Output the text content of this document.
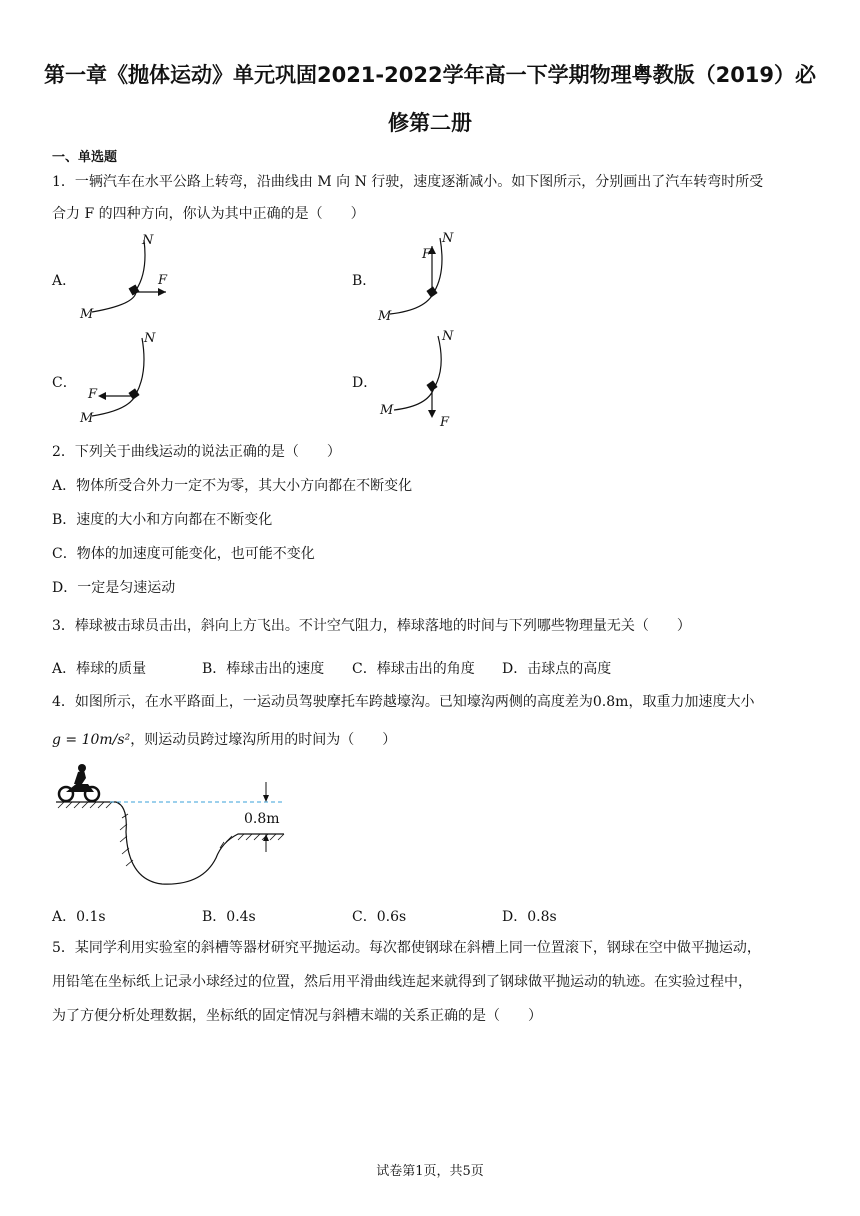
第一章《抛体运动》单元巩固2021-2022学年高一下学期物理粤教版（2019）必
修第二册
一、单选题
1．一辆汽车在水平公路上转弯，沿曲线由 M 向 N 行驶，速度逐渐减小。如下图所示，分别画出了汽车转弯时所受
合力 F 的四种方向，你认为其中正确的是（　　）
A．
N
M
F	B．
N
M
F
C．
N
M
F
D．
N
M
F
2．下列关于曲线运动的说法正确的是（　　）
A．物体所受合外力一定不为零，其大小方向都在不断变化
B．速度的大小和方向都在不断变化
C．物体的加速度可能变化，也可能不变化
D．一定是匀速运动
3．棒球被击球员击出，斜向上方飞出。不计空气阻力，棒球落地的时间与下列哪些物理量无关（　　）
A．棒球的质量	B．棒球击出的速度 C．棒球击出的角度 D．击球点的高度
4．如图所示，在水平路面上，一运动员驾驶摩托车跨越壕沟。已知壕沟两侧的高度差为0.8m，取重力加速度大小
g = 10m/s²，则运动员跨过壕沟所用的时间为（　　）
0.8m
A．0.1s	B．0.4s	C．0.6s	D．0.8s
5．某同学利用实验室的斜槽等器材研究平抛运动。每次都使钢球在斜槽上同一位置滚下，钢球在空中做平抛运动，
用铅笔在坐标纸上记录小球经过的位置，然后用平滑曲线连起来就得到了钢球做平抛运动的轨迹。在实验过程中，
为了方便分析处理数据，坐标纸的固定情况与斜槽末端的关系正确的是（　　）
试卷第1页，共5页
